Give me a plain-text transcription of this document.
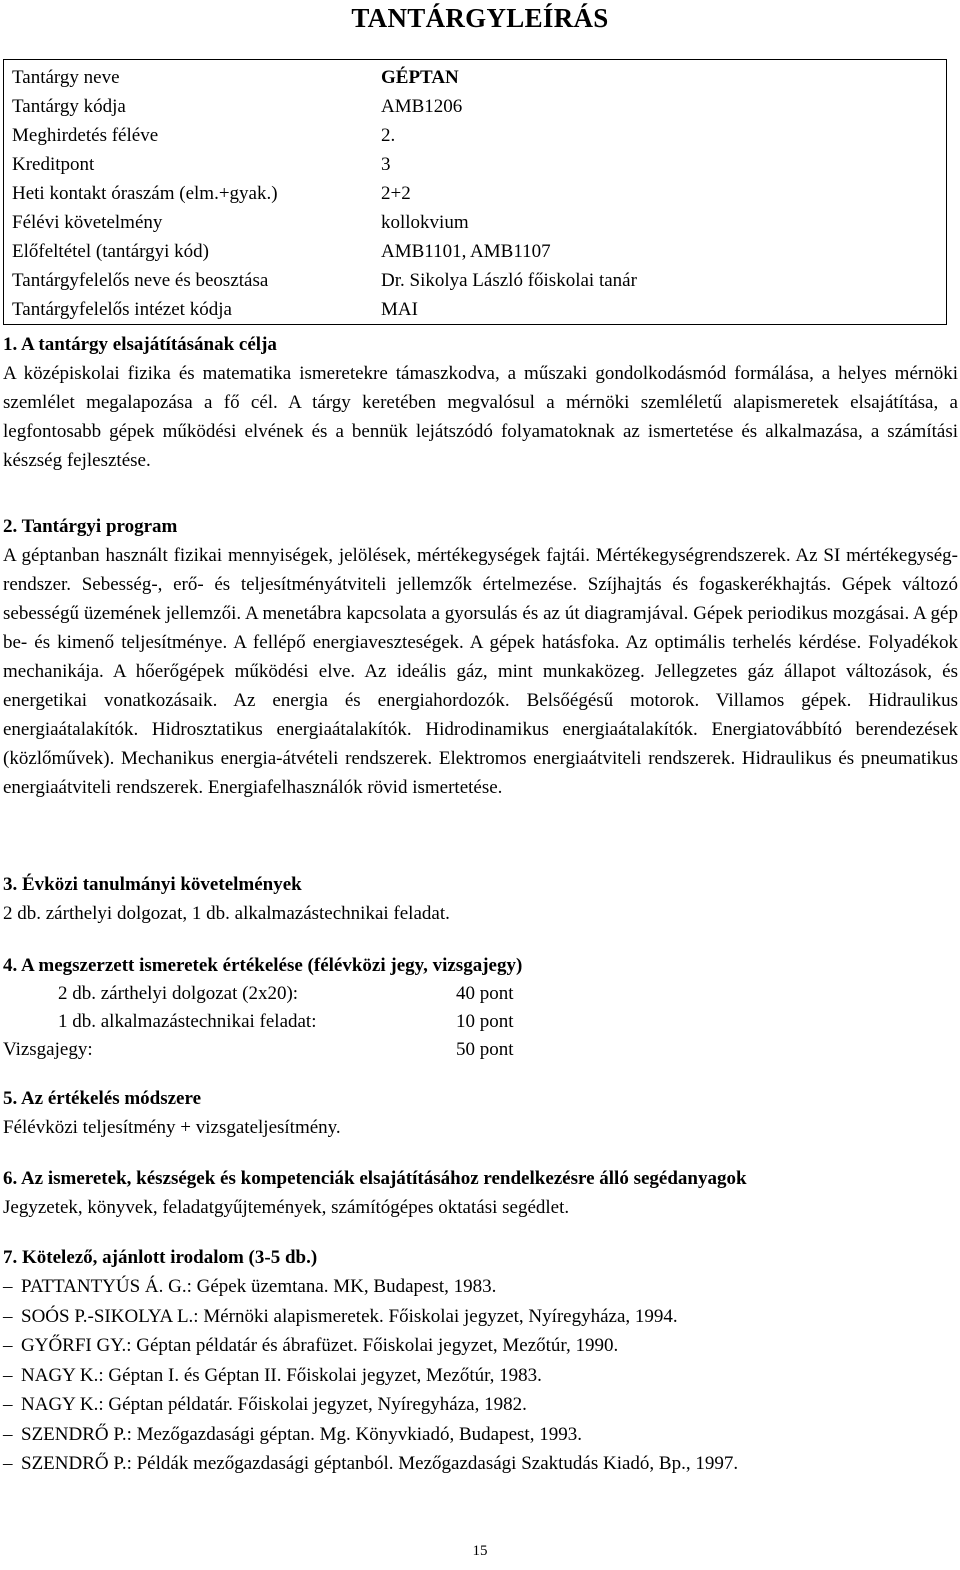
TANTÁRGYLEÍRÁS
Tantárgy neve	GÉPTAN
Tantárgy kódja	AMB1206
Meghirdetés féléve	2.
Kreditpont	3
Heti kontakt óraszám (elm.+gyak.)	2+2
Félévi követelmény	kollokvium
Előfeltétel (tantárgyi kód)	AMB1101, AMB1107
Tantárgyfelelős neve és beosztása	Dr. Sikolya László főiskolai tanár
Tantárgyfelelős intézet kódja	MAI
1. A tantárgy elsajátításának célja

A középiskolai fizika és matematika ismeretekre támaszkodva, a műszaki gondolkodásmód formálása, a helyes mérnöki szemlélet megalapozása a fő cél. A tárgy keretében megvalósul a mérnöki szemléletű alapismeretek elsajátítása, a legfontosabb gépek működési elvének és a bennük lejátszódó folyamatoknak az ismertetése és alkalmazása, a számítási készség fejlesztése.

2. Tantárgyi program

A géptanban használt fizikai mennyiségek, jelölések, mértékegységek fajtái. Mértékegységrendszerek. Az SI mértékegység-rendszer. Sebesség-, erő- és teljesítményátviteli jellemzők értelmezése. Szíjhajtás és fogaskerékhajtás. Gépek változó sebességű üzemének jellemzői. A menetábra kapcsolata a gyorsulás és az út diagramjával. Gépek periodikus mozgásai. A gép be- és kimenő teljesítménye. A fellépő energiaveszteségek. A gépek hatásfoka. Az optimális terhelés kérdése. Folyadékok mechanikája. A hőerőgépek működési elve. Az ideális gáz, mint munkaközeg. Jellegzetes gáz állapot változások, és energetikai vonatkozásaik. Az energia és energiahordozók. Belsőégésű motorok. Villamos gépek. Hidraulikus energiaátalakítók. Hidrosztatikus energiaátalakítók. Hidrodinamikus energiaátalakítók. Energiatovábbító berendezések (közlőművek). Mechanikus energia-átvételi rendszerek. Elektromos energiaátviteli rendszerek. Hidraulikus és pneumatikus energiaátviteli rendszerek. Energiafelhasználók rövid ismertetése.

3. Évközi tanulmányi követelmények

2 db. zárthelyi dolgozat, 1 db. alkalmazástechnikai feladat.

4. A megszerzett ismeretek értékelése (félévközi jegy, vizsgajegy)
2 db. zárthelyi dolgozat (2x20):	40 pont
1 db. alkalmazástechnikai feladat:	10 pont
Vizsgajegy:	50 pont
5. Az értékelés módszere

Félévközi teljesítmény + vizsgateljesítmény.

6. Az ismeretek, készségek és kompetenciák elsajátításához rendelkezésre álló segédanyagok

Jegyzetek, könyvek, feladatgyűjtemények, számítógépes oktatási segédlet.

7. Kötelező, ajánlott irodalom (3-5 db.)
– PATTANTYÚS Á. G.: Gépek üzemtana. MK, Budapest, 1983.
– SOÓS P.-SIKOLYA L.: Mérnöki alapismeretek. Főiskolai jegyzet, Nyíregyháza, 1994.
– GYŐRFI GY.: Géptan példatár és ábrafüzet. Főiskolai jegyzet, Mezőtúr, 1990.
– NAGY K.: Géptan I. és Géptan II. Főiskolai jegyzet, Mezőtúr, 1983.
– NAGY K.: Géptan példatár. Főiskolai jegyzet, Nyíregyháza, 1982.
– SZENDRŐ P.: Mezőgazdasági géptan. Mg. Könyvkiadó, Budapest, 1993.
– SZENDRŐ P.: Példák mezőgazdasági géptanból. Mezőgazdasági Szaktudás Kiadó, Bp., 1997.
15
